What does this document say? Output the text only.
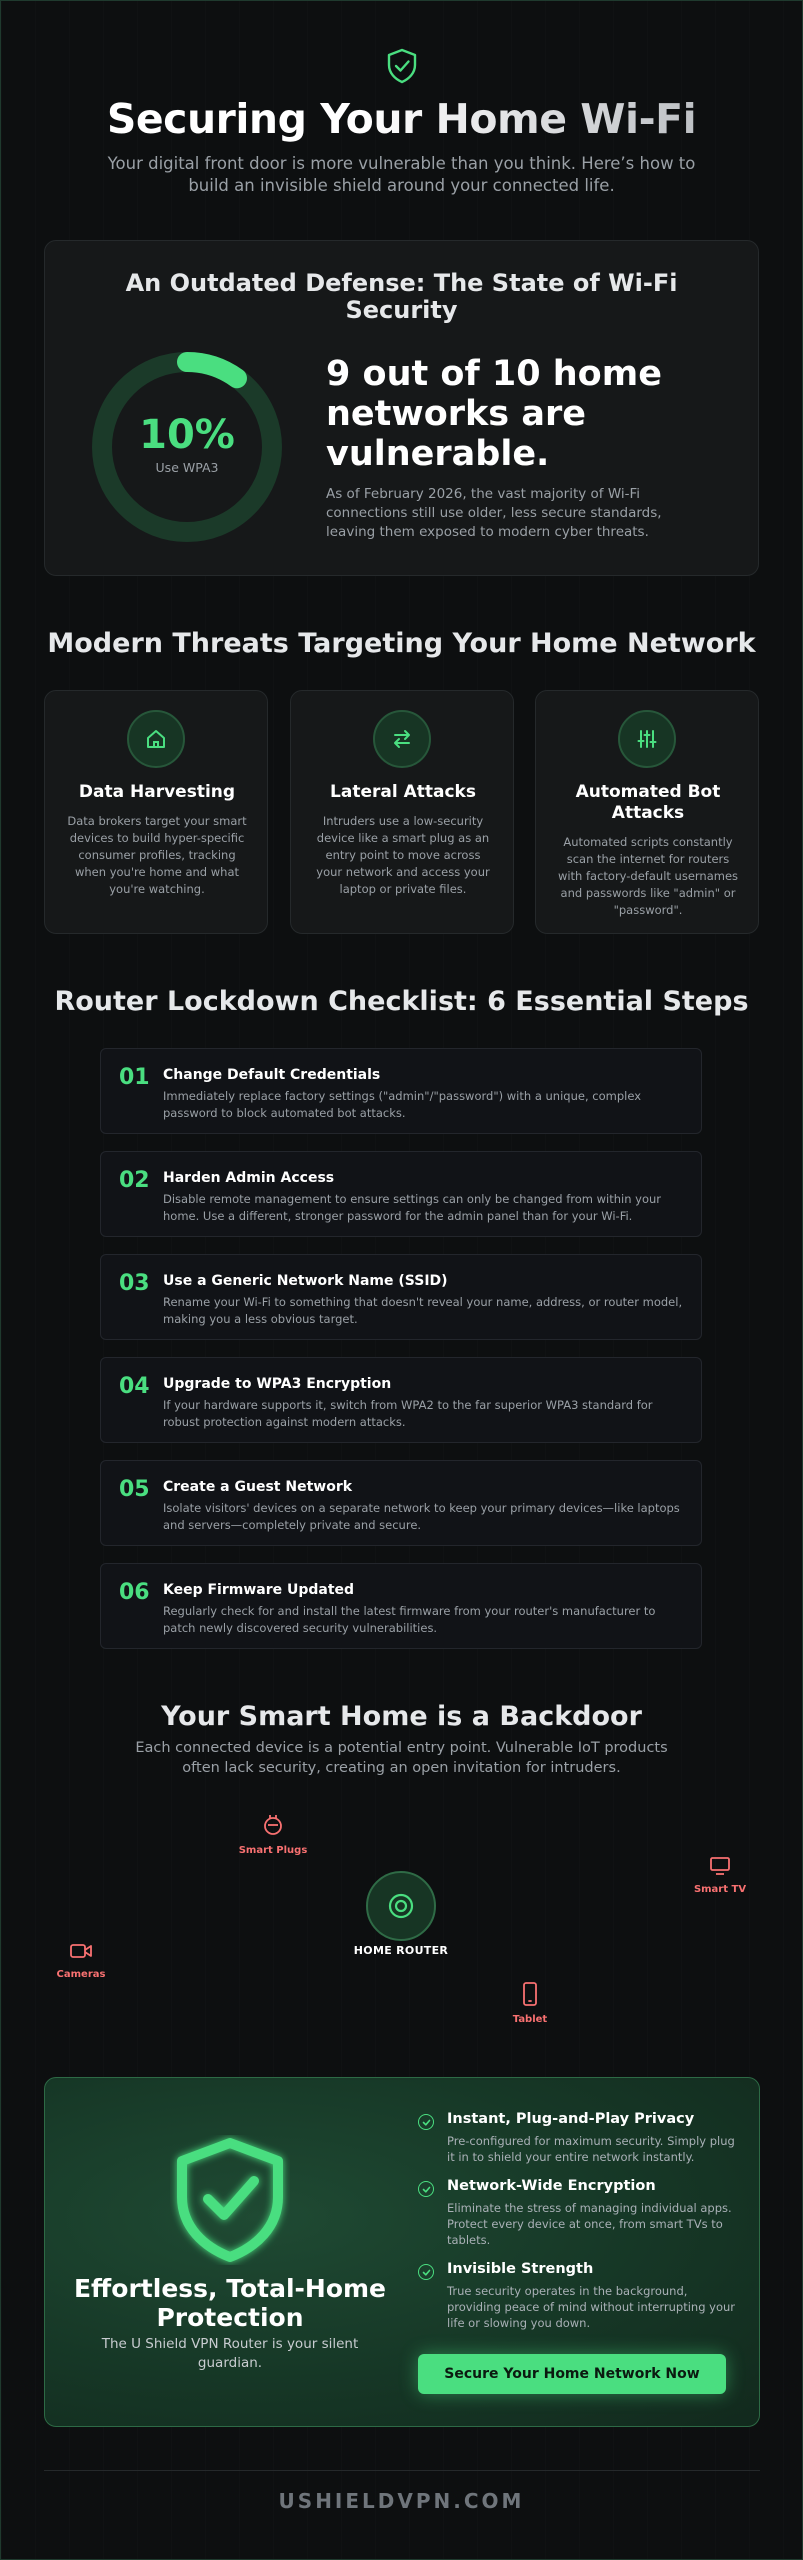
Securing Your Home Wi-Fi
Your digital front door is more vulnerable than you think. Here’s how to build an invisible shield around your connected life.
An Outdated Defense: The State of Wi-Fi Security
10%
Use WPA3
9 out of 10 home networks are vulnerable.
As of February 2026, the vast majority of Wi-Fi connections still use older, less secure standards, leaving them exposed to modern cyber threats.
Modern Threats Targeting Your Home Network
Data Harvesting
Data brokers target your smart devices to build hyper-specific consumer profiles, tracking when you're home and what you're watching.
Lateral Attacks
Intruders use a low-security device like a smart plug as an entry point to move across your network and access your laptop or private files.
Automated Bot Attacks
Automated scripts constantly scan the internet for routers with factory-default usernames and passwords like "admin" or "password".
Router Lockdown Checklist: 6 Essential Steps
01 Change Default Credentials
Immediately replace factory settings ("admin"/"password") with a unique, complex password to block automated bot attacks.
02 Harden Admin Access
Disable remote management to ensure settings can only be changed from within your home. Use a different, stronger password for the admin panel than for your Wi-Fi.
03 Use a Generic Network Name (SSID)
Rename your Wi-Fi to something that doesn't reveal your name, address, or router model, making you a less obvious target.
04 Upgrade to WPA3 Encryption
If your hardware supports it, switch from WPA2 to the far superior WPA3 standard for robust protection against modern attacks.
05 Create a Guest Network
Isolate visitors' devices on a separate network to keep your primary devices—like laptops and servers—completely private and secure.
06 Keep Firmware Updated
Regularly check for and install the latest firmware from your router's manufacturer to patch newly discovered security vulnerabilities.
Your Smart Home is a Backdoor
Each connected device is a potential entry point. Vulnerable IoT products often lack security, creating an open invitation for intruders.
Smart Plugs
Smart TV
Cameras
Tablet
HOME ROUTER
Effortless, Total-Home Protection
The U Shield VPN Router is your silent guardian.
Instant, Plug-and-Play Privacy
Pre-configured for maximum security. Simply plug it in to shield your entire network instantly.
Network-Wide Encryption
Eliminate the stress of managing individual apps. Protect every device at once, from smart TVs to tablets.
Invisible Strength
True security operates in the background, providing peace of mind without interrupting your life or slowing you down.
Secure Your Home Network Now
USHIELDVPN.COM
